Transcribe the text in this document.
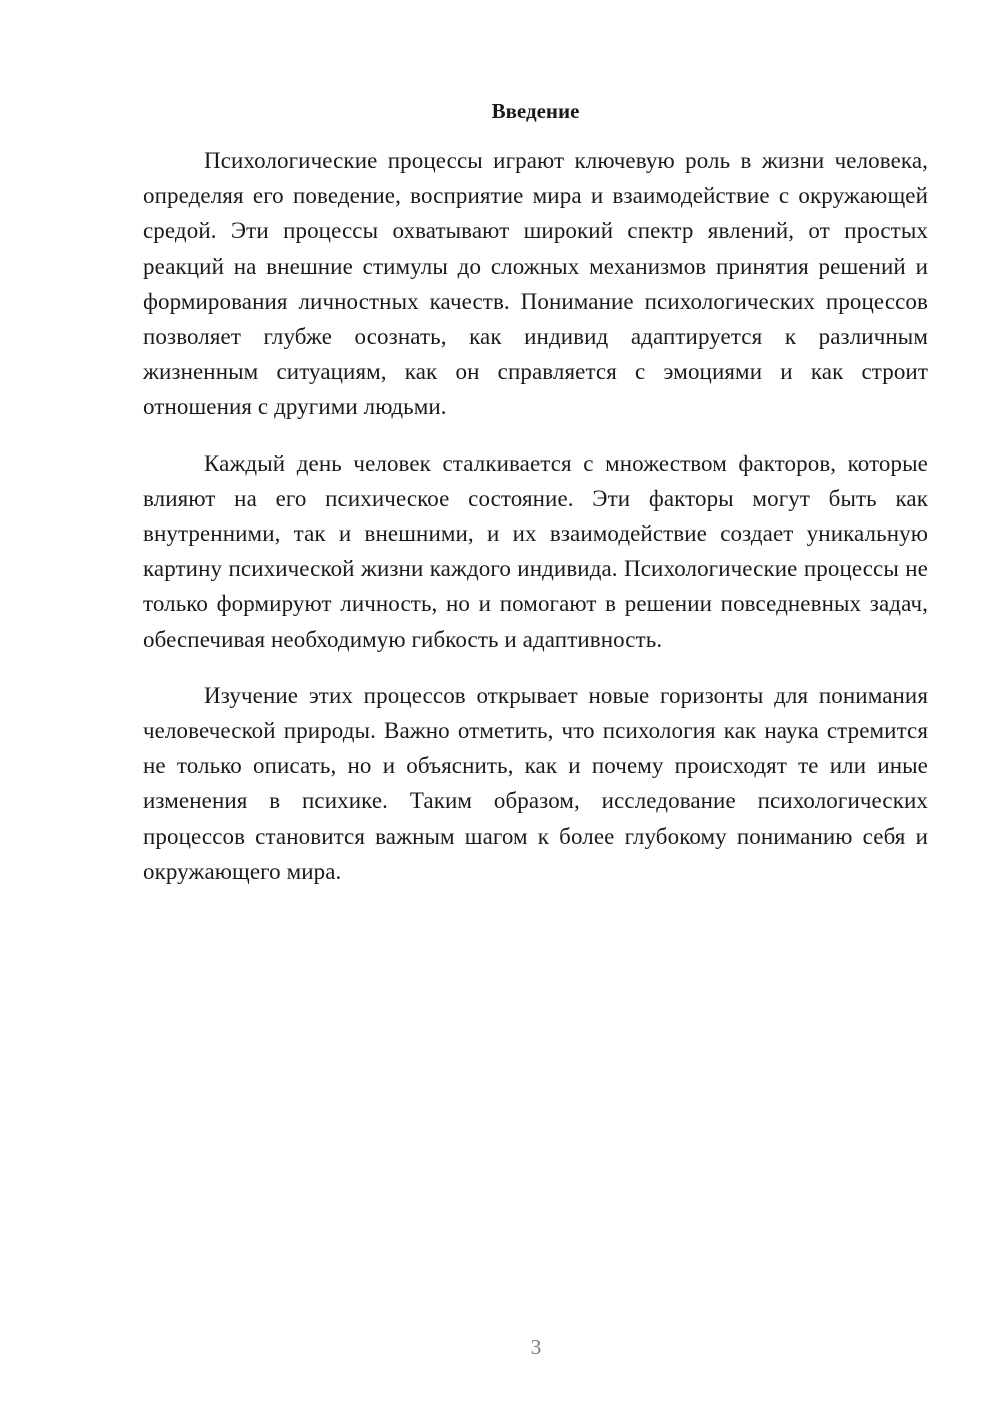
Введение

Психологические процессы играют ключевую роль в жизни человека, определяя его поведение, восприятие мира и взаимодействие с окружающей средой. Эти процессы охватывают широкий спектр явлений, от простых реакций на внешние стимулы до сложных механизмов принятия решений и формирования личностных качеств. Понимание психологических процессов позволяет глубже осознать, как индивид адаптируется к различным жизненным ситуациям, как он справляется с эмоциями и как строит отношения с другими людьми.

Каждый день человек сталкивается с множеством факторов, которые влияют на его психическое состояние. Эти факторы могут быть как внутренними, так и внешними, и их взаимодействие создает уникальную картину психической жизни каждого индивида. Психологические процессы не только формируют личность, но и помогают в решении повседневных задач, обеспечивая необходимую гибкость и адаптивность.

Изучение этих процессов открывает новые горизонты для понимания человеческой природы. Важно отметить, что психология как наука стремится не только описать, но и объяснить, как и почему происходят те или иные изменения в психике. Таким образом, исследование психологических процессов становится важным шагом к более глубокому пониманию себя и окружающего мира.

3
